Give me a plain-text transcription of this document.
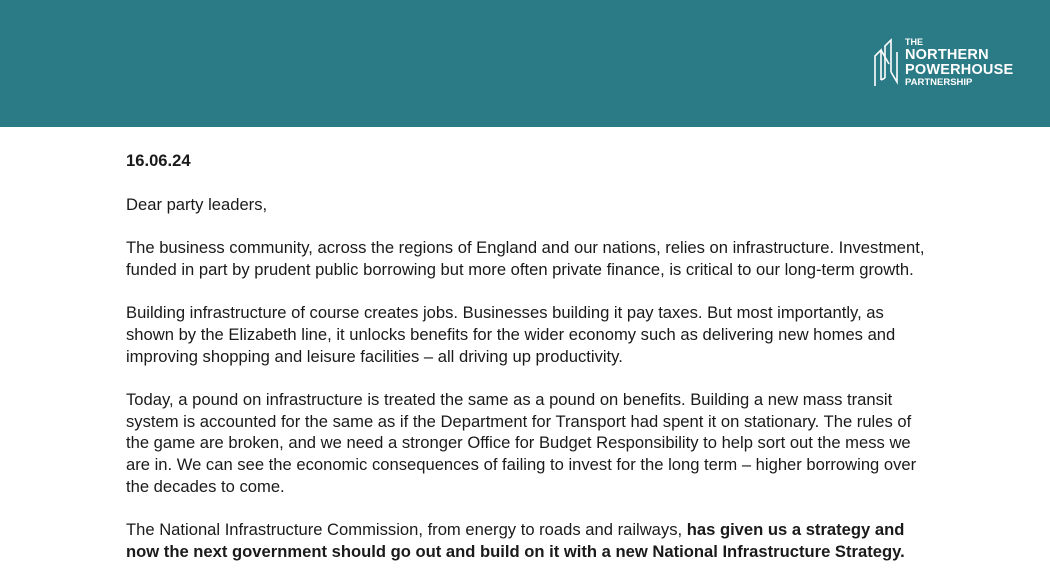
THE
NORTHERN
POWERHOUSE
PARTNERSHIP

16.06.24

Dear party leaders,

The business community, across the regions of England and our nations, relies on infrastructure. Investment, funded in part by prudent public borrowing but more often private finance, is critical to our long-term growth.

Building infrastructure of course creates jobs. Businesses building it pay taxes. But most importantly, as shown by the Elizabeth line, it unlocks benefits for the wider economy such as delivering new homes and improving shopping and leisure facilities – all driving up productivity.

Today, a pound on infrastructure is treated the same as a pound on benefits. Building a new mass transit system is accounted for the same as if the Department for Transport had spent it on stationary. The rules of the game are broken, and we need a stronger Office for Budget Responsibility to help sort out the mess we are in. We can see the economic consequences of failing to invest for the long term – higher borrowing over the decades to come.

The National Infrastructure Commission, from energy to roads and railways, has given us a strategy and now the next government should go out and build on it with a new National Infrastructure Strategy.
